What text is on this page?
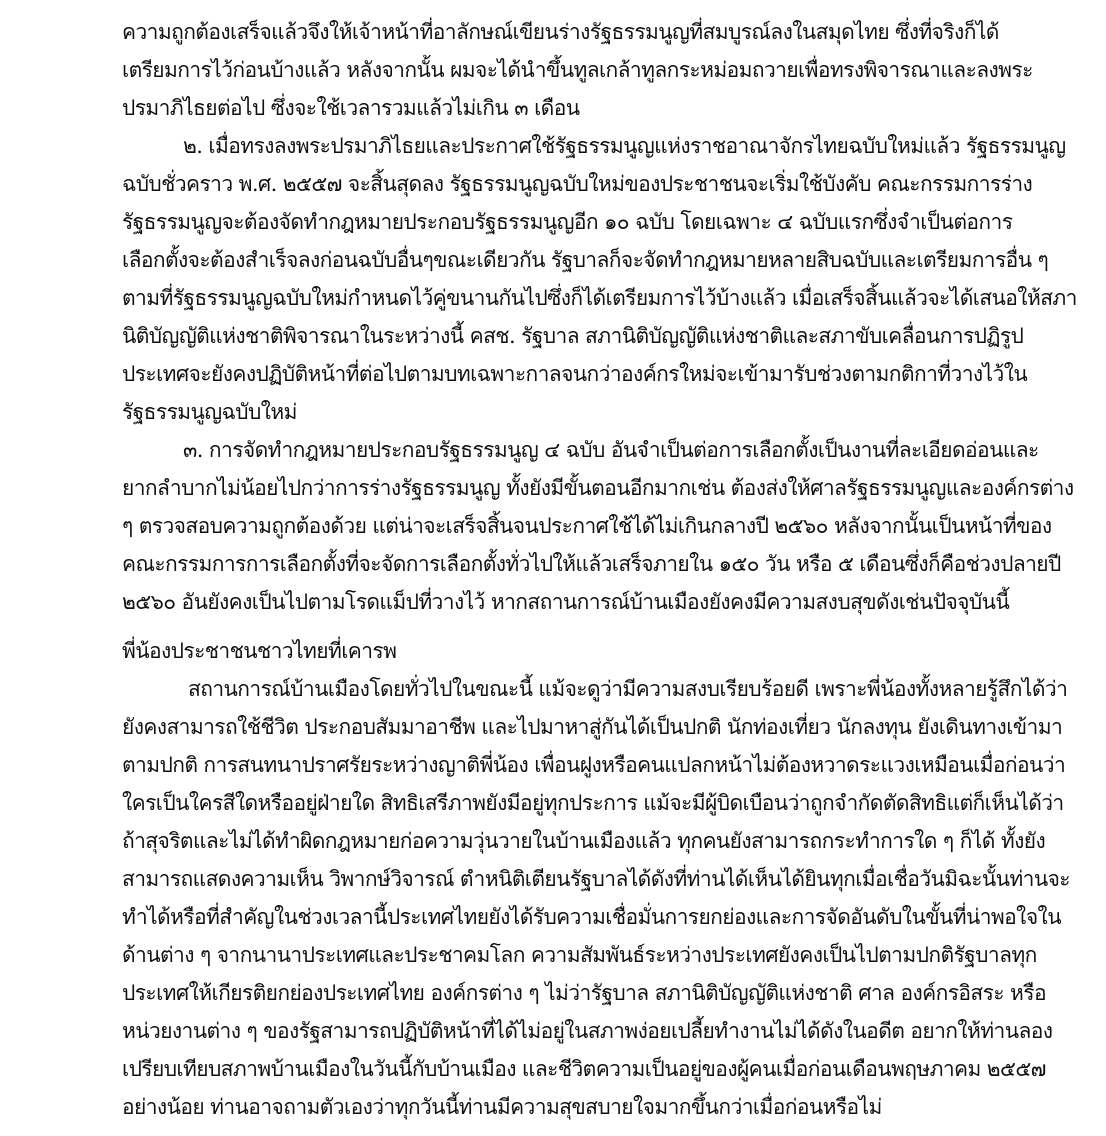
ความถูกต้องเสร็จแล้วจึงให้เจ้าหน้าที่อาลักษณ์เขียนร่างรัฐธรรมนูญที่สมบูรณ์ลงในสมุดไทย ซึ่งที่จริงก็ได้
เตรียมการไว้ก่อนบ้างแล้ว หลังจากนั้น ผมจะได้นำขึ้นทูลเกล้าทูลกระหม่อมถวายเพื่อทรงพิจารณาและลงพระ
ปรมาภิไธยต่อไป ซึ่งจะใช้เวลารวมแล้วไม่เกิน ๓ เดือน
๒. เมื่อทรงลงพระปรมาภิไธยและประกาศใช้รัฐธรรมนูญแห่งราชอาณาจักรไทยฉบับใหม่แล้ว รัฐธรรมนูญ
ฉบับชั่วคราว พ.ศ. ๒๕๕๗ จะสิ้นสุดลง รัฐธรรมนูญฉบับใหม่ของประชาชนจะเริ่มใช้บังคับ คณะกรรมการร่าง
รัฐธรรมนูญจะต้องจัดทำกฎหมายประกอบรัฐธรรมนูญอีก ๑๐ ฉบับ โดยเฉพาะ ๔ ฉบับแรกซึ่งจำเป็นต่อการ
เลือกตั้งจะต้องสำเร็จลงก่อนฉบับอื่นๆขณะเดียวกัน รัฐบาลก็จะจัดทำกฎหมายหลายสิบฉบับและเตรียมการอื่น ๆ
ตามที่รัฐธรรมนูญฉบับใหม่กำหนดไว้คู่ขนานกันไปซึ่งก็ได้เตรียมการไว้บ้างแล้ว เมื่อเสร็จสิ้นแล้วจะได้เสนอให้สภา
นิติบัญญัติแห่งชาติพิจารณาในระหว่างนี้ คสช. รัฐบาล สภานิติบัญญัติแห่งชาติและสภาขับเคลื่อนการปฏิรูป
ประเทศจะยังคงปฏิบัติหน้าที่ต่อไปตามบทเฉพาะกาลจนกว่าองค์กรใหม่จะเข้ามารับช่วงตามกติกาที่วางไว้ใน
รัฐธรรมนูญฉบับใหม่
๓. การจัดทำกฎหมายประกอบรัฐธรรมนูญ ๔ ฉบับ อันจำเป็นต่อการเลือกตั้งเป็นงานที่ละเอียดอ่อนและ
ยากลำบากไม่น้อยไปกว่าการร่างรัฐธรรมนูญ ทั้งยังมีขั้นตอนอีกมากเช่น ต้องส่งให้ศาลรัฐธรรมนูญและองค์กรต่าง
ๆ ตรวจสอบความถูกต้องด้วย แต่น่าจะเสร็จสิ้นจนประกาศใช้ได้ไม่เกินกลางปี ๒๕๖๐ หลังจากนั้นเป็นหน้าที่ของ
คณะกรรมการการเลือกตั้งที่จะจัดการเลือกตั้งทั่วไปให้แล้วเสร็จภายใน ๑๕๐ วัน หรือ ๕ เดือนซึ่งก็คือช่วงปลายปี
๒๕๖๐ อันยังคงเป็นไปตามโรดแม็ปที่วางไว้ หากสถานการณ์บ้านเมืองยังคงมีความสงบสุขดังเช่นปัจจุบันนี้
พี่น้องประชาชนชาวไทยที่เคารพ
สถานการณ์บ้านเมืองโดยทั่วไปในขณะนี้ แม้จะดูว่ามีความสงบเรียบร้อยดี เพราะพี่น้องทั้งหลายรู้สึกได้ว่า
ยังคงสามารถใช้ชีวิต ประกอบสัมมาอาชีพ และไปมาหาสู่กันได้เป็นปกติ นักท่องเที่ยว นักลงทุน ยังเดินทางเข้ามา
ตามปกติ การสนทนาปราศรัยระหว่างญาติพี่น้อง เพื่อนฝูงหรือคนแปลกหน้าไม่ต้องหวาดระแวงเหมือนเมื่อก่อนว่า
ใครเป็นใครสีใดหรืออยู่ฝ่ายใด สิทธิเสรีภาพยังมีอยู่ทุกประการ แม้จะมีผู้บิดเบือนว่าถูกจำกัดตัดสิทธิแต่ก็เห็นได้ว่า
ถ้าสุจริตและไม่ได้ทำผิดกฎหมายก่อความวุ่นวายในบ้านเมืองแล้ว ทุกคนยังสามารถกระทำการใด ๆ ก็ได้ ทั้งยัง
สามารถแสดงความเห็น วิพากษ์วิจารณ์ ตำหนิติเตียนรัฐบาลได้ดังที่ท่านได้เห็นได้ยินทุกเมื่อเชื่อวันมิฉะนั้นท่านจะ
ทำได้หรือที่สำคัญในช่วงเวลานี้ประเทศไทยยังได้รับความเชื่อมั่นการยกย่องและการจัดอันดับในขั้นที่น่าพอใจใน
ด้านต่าง ๆ จากนานาประเทศและประชาคมโลก ความสัมพันธ์ระหว่างประเทศยังคงเป็นไปตามปกติรัฐบาลทุก
ประเทศให้เกียรติยกย่องประเทศไทย องค์กรต่าง ๆ ไม่ว่ารัฐบาล สภานิติบัญญัติแห่งชาติ ศาล องค์กรอิสระ หรือ
หน่วยงานต่าง ๆ ของรัฐสามารถปฏิบัติหน้าที่ได้ไม่อยู่ในสภาพง่อยเปลี้ยทำงานไม่ได้ดังในอดีต อยากให้ท่านลอง
เปรียบเทียบสภาพบ้านเมืองในวันนี้กับบ้านเมือง และชีวิตความเป็นอยู่ของผู้คนเมื่อก่อนเดือนพฤษภาคม ๒๕๕๗
อย่างน้อย ท่านอาจถามตัวเองว่าทุกวันนี้ท่านมีความสุขสบายใจมากขึ้นกว่าเมื่อก่อนหรือไม่
